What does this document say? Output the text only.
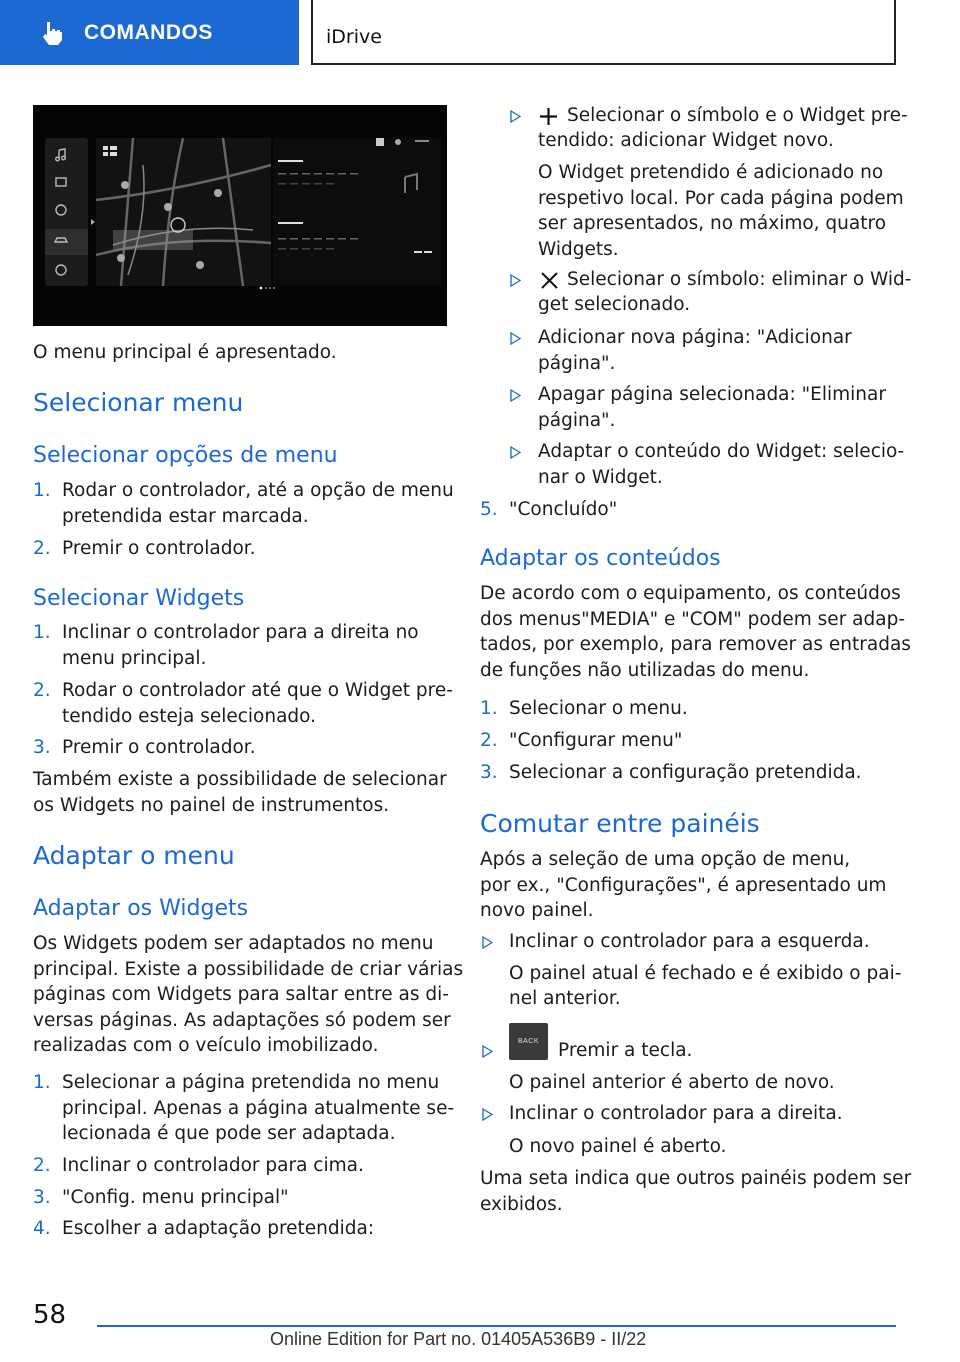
COMANDOS	iDrive
O menu principal é apresentado.
Selecionar menu
Selecionar opções de menu
1. Rodar o controlador, até a opção de menu
pretendida estar marcada.
2. Premir o controlador.
Selecionar Widgets
1. Inclinar o controlador para a direita no
menu principal.
2. Rodar o controlador até que o Widget pre‐
tendido esteja selecionado.
3. Premir o controlador.
Também existe a possibilidade de selecionar
os Widgets no painel de instrumentos.
Adaptar o menu
Adaptar os Widgets
Os Widgets podem ser adaptados no menu
principal. Existe a possibilidade de criar várias
páginas com Widgets para saltar entre as di‐
versas páginas. As adaptações só podem ser
realizadas com o veículo imobilizado.
1. Selecionar a página pretendida no menu
principal. Apenas a página atualmente se‐
lecionada é que pode ser adaptada.
2. Inclinar o controlador para cima.
3. "Config. menu principal"
4. Escolher a adaptação pretendida:
Selecionar o símbolo e o Widget pre‐
tendido: adicionar Widget novo.
O Widget pretendido é adicionado no
respetivo local. Por cada página podem
ser apresentados, no máximo, quatro
Widgets.
Selecionar o símbolo: eliminar o Wid‐
get selecionado.
Adicionar nova página: "Adicionar
página".
Apagar página selecionada: "Eliminar
página".
Adaptar o conteúdo do Widget: selecio‐
nar o Widget.
5. "Concluído"
Adaptar os conteúdos
De acordo com o equipamento, os conteúdos
dos menus"MEDIA" e "COM" podem ser adap‐
tados, por exemplo, para remover as entradas
de funções não utilizadas do menu.
1. Selecionar o menu.
2. "Configurar menu"
3. Selecionar a configuração pretendida.
Comutar entre painéis
Após a seleção de uma opção de menu,
por ex., "Configurações", é apresentado um
novo painel.
Inclinar o controlador para a esquerda.
O painel atual é fechado e é exibido o pai‐
nel anterior.
BACK	Premir a tecla.
O painel anterior é aberto de novo.
Inclinar o controlador para a direita.
O novo painel é aberto.
Uma seta indica que outros painéis podem ser
exibidos.
58
Online Edition for Part no. 01405A536B9 - II/22
